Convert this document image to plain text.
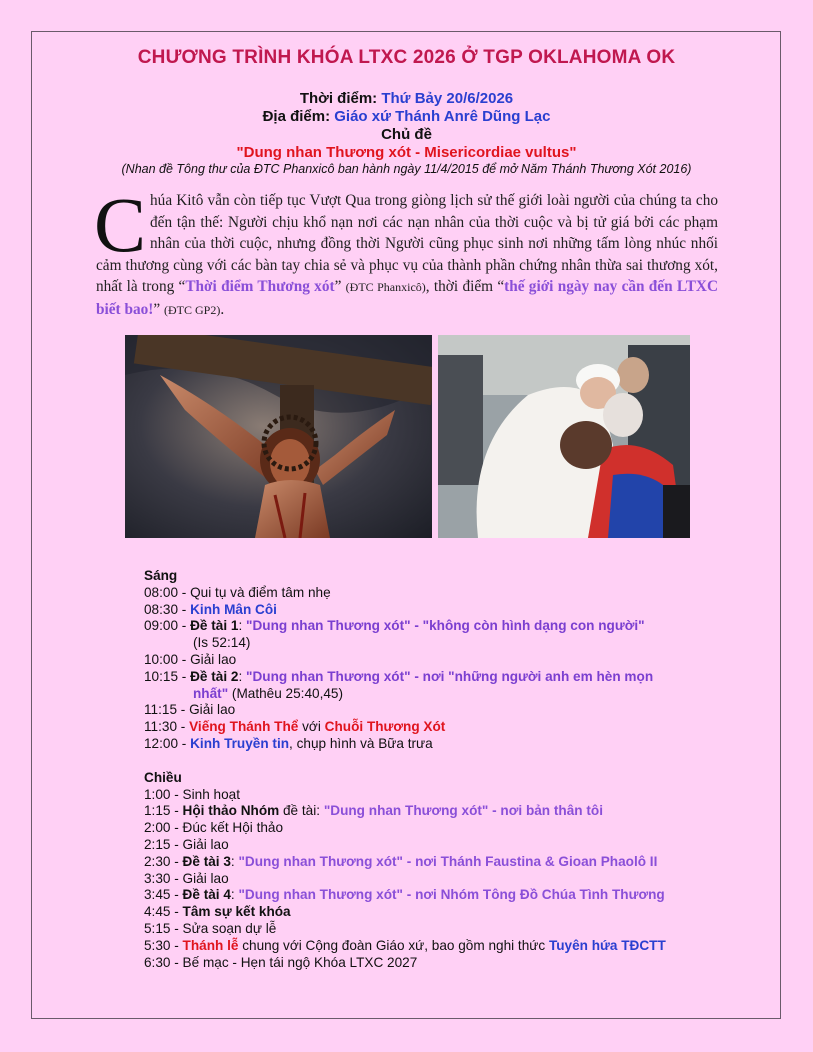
CHƯƠNG TRÌNH KHÓA LTXC 2026 Ở TGP OKLAHOMA OK
Thời điểm: Thứ Bảy 20/6/2026
Địa điểm: Giáo xứ Thánh Anrê Dũng Lạc
Chủ đề
"Dung nhan Thương xót - Misericordiae vultus"
(Nhan đề Tông thư của ĐTC Phanxicô ban hành ngày 11/4/2015 để mở Năm Thánh Thương Xót 2016)
Chúa Kitô vẫn còn tiếp tục Vượt Qua trong giòng lịch sử thế giới loài người của chúng ta cho đến tận thế: Người chịu khổ nạn nơi các nạn nhân của thời cuộc và bị tử giá bởi các phạm nhân của thời cuộc, nhưng đồng thời Người cũng phục sinh nơi những tấm lòng nhúc nhối cảm thương cùng với các bàn tay chia sẻ và phục vụ của thành phần chứng nhân thừa sai thương xót, nhất là trong “Thời điểm Thương xót” (ĐTC Phanxicô), thời điểm “thế giới ngày nay cần đến LTXC biết bao!” (ĐTC GP2).
Sáng
08:00 - Qui tụ và điểm tâm nhẹ
08:30 - Kinh Mân Côi
09:00 - Đề tài 1: "Dung nhan Thương xót" - "không còn hình dạng con người"
(Is 52:14)
10:00 - Giải lao
10:15 - Đề tài 2: "Dung nhan Thương xót" - nơi "những người anh em hèn mọn
nhất" (Mathêu 25:40,45)
11:15 - Giải lao
11:30 - Viếng Thánh Thể với Chuỗi Thương Xót
12:00 - Kinh Truyền tin, chụp hình và Bữa trưa
Chiều
1:00 - Sinh hoạt
1:15 - Hội thảo Nhóm đề tài: "Dung nhan Thương xót" - nơi bản thân tôi
2:00 - Đúc kết Hội thảo
2:15 - Giải lao
2:30 - Đề tài 3: "Dung nhan Thương xót" - nơi Thánh Faustina & Gioan Phaolô II
3:30 - Giải lao
3:45 - Đề tài 4: "Dung nhan Thương xót" - nơi Nhóm Tông Đồ Chúa Tình Thương
4:45 - Tâm sự kết khóa
5:15 - Sửa soạn dự lễ
5:30 - Thánh lễ chung với Cộng đoàn Giáo xứ, bao gồm nghi thức Tuyên hứa TĐCTT
6:30 - Bế mạc - Hẹn tái ngộ Khóa LTXC 2027
